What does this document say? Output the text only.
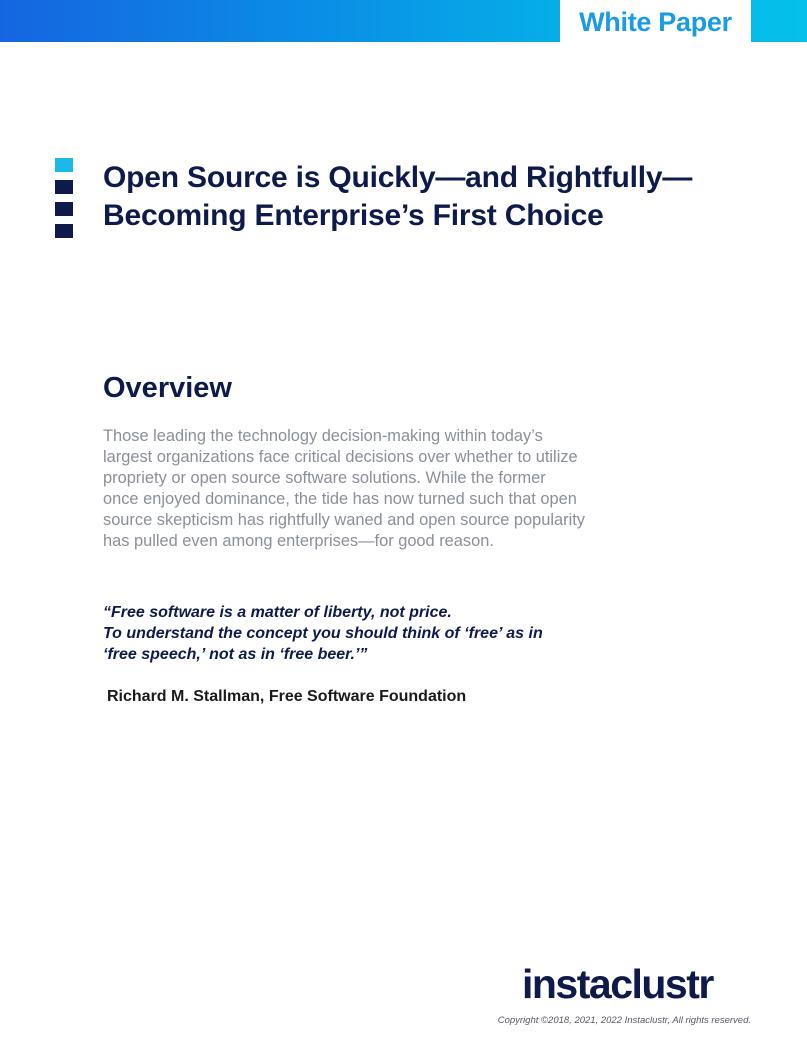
White Paper
Open Source is Quickly—and Rightfully—
Becoming Enterprise’s First Choice
Overview

Those leading the technology decision-making within today’s
largest organizations face critical decisions over whether to utilize
propriety or open source software solutions. While the former
once enjoyed dominance, the tide has now turned such that open
source skepticism has rightfully waned and open source popularity
has pulled even among enterprises—for good reason.

“Free software is a matter of liberty, not price.
To understand the concept you should think of ‘free’ as in
‘free speech,’ not as in ‘free beer.’”

Richard M. Stallman, Free Software Foundation

instaclustr

Copyright ©2018, 2021, 2022 Instaclustr, All rights reserved.
